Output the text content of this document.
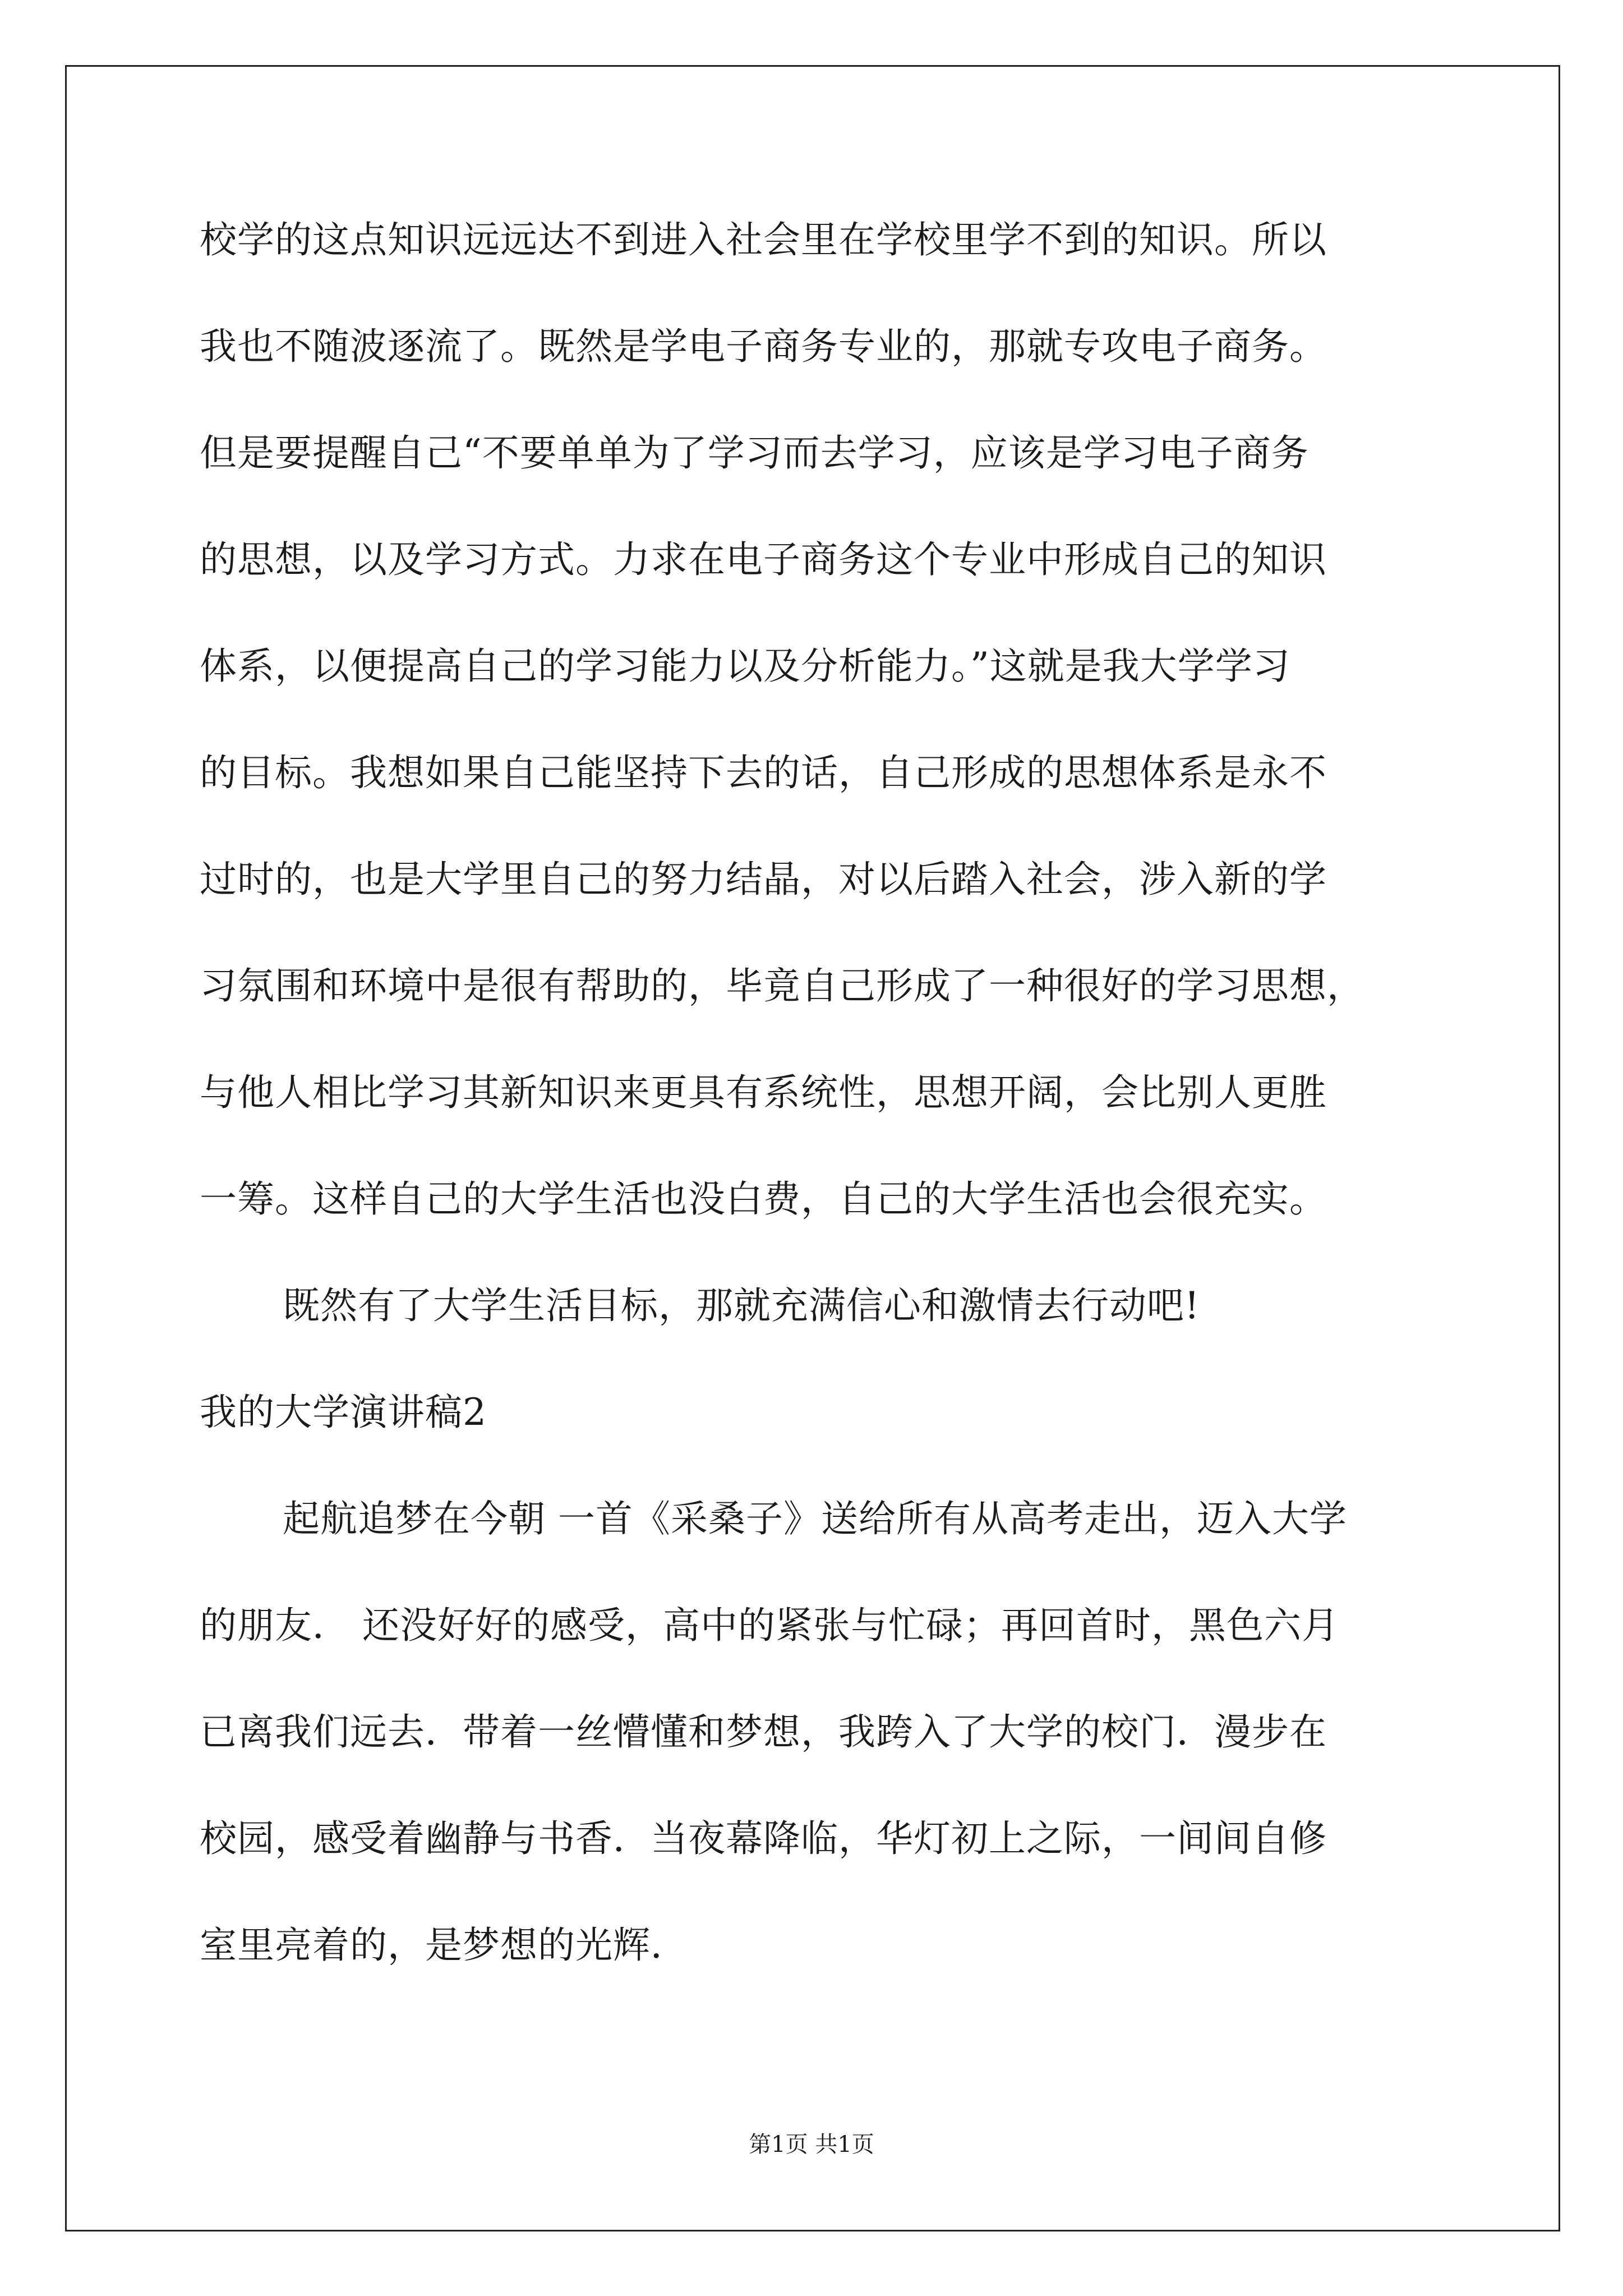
校学的这点知识远远达不到进入社会里在学校里学不到的知识。所以
我也不随波逐流了。既然是学电子商务专业的，那就专攻电子商务。
但是要提醒自己“不要单单为了学习而去学习，应该是学习电子商务
的思想，以及学习方式。力求在电子商务这个专业中形成自己的知识
体系，以便提高自己的学习能力以及分析能力。”这就是我大学学习
的目标。我想如果自己能坚持下去的话，自己形成的思想体系是永不
过时的，也是大学里自己的努力结晶，对以后踏入社会，涉入新的学
习氛围和环境中是很有帮助的，毕竟自己形成了一种很好的学习思想，
与他人相比学习其新知识来更具有系统性，思想开阔，会比别人更胜
一筹。这样自己的大学生活也没白费，自己的大学生活也会很充实。
既然有了大学生活目标，那就充满信心和激情去行动吧!
我的大学演讲稿2
起航追梦在今朝 一首《采桑子》送给所有从高考走出，迈入大学
的朋友． 还没好好的感受，高中的紧张与忙碌；再回首时，黑色六月
已离我们远去．带着一丝懵懂和梦想，我跨入了大学的校门．漫步在
校园，感受着幽静与书香．当夜幕降临，华灯初上之际，一间间自修
室里亮着的，是梦想的光辉．
第1页 共1页
